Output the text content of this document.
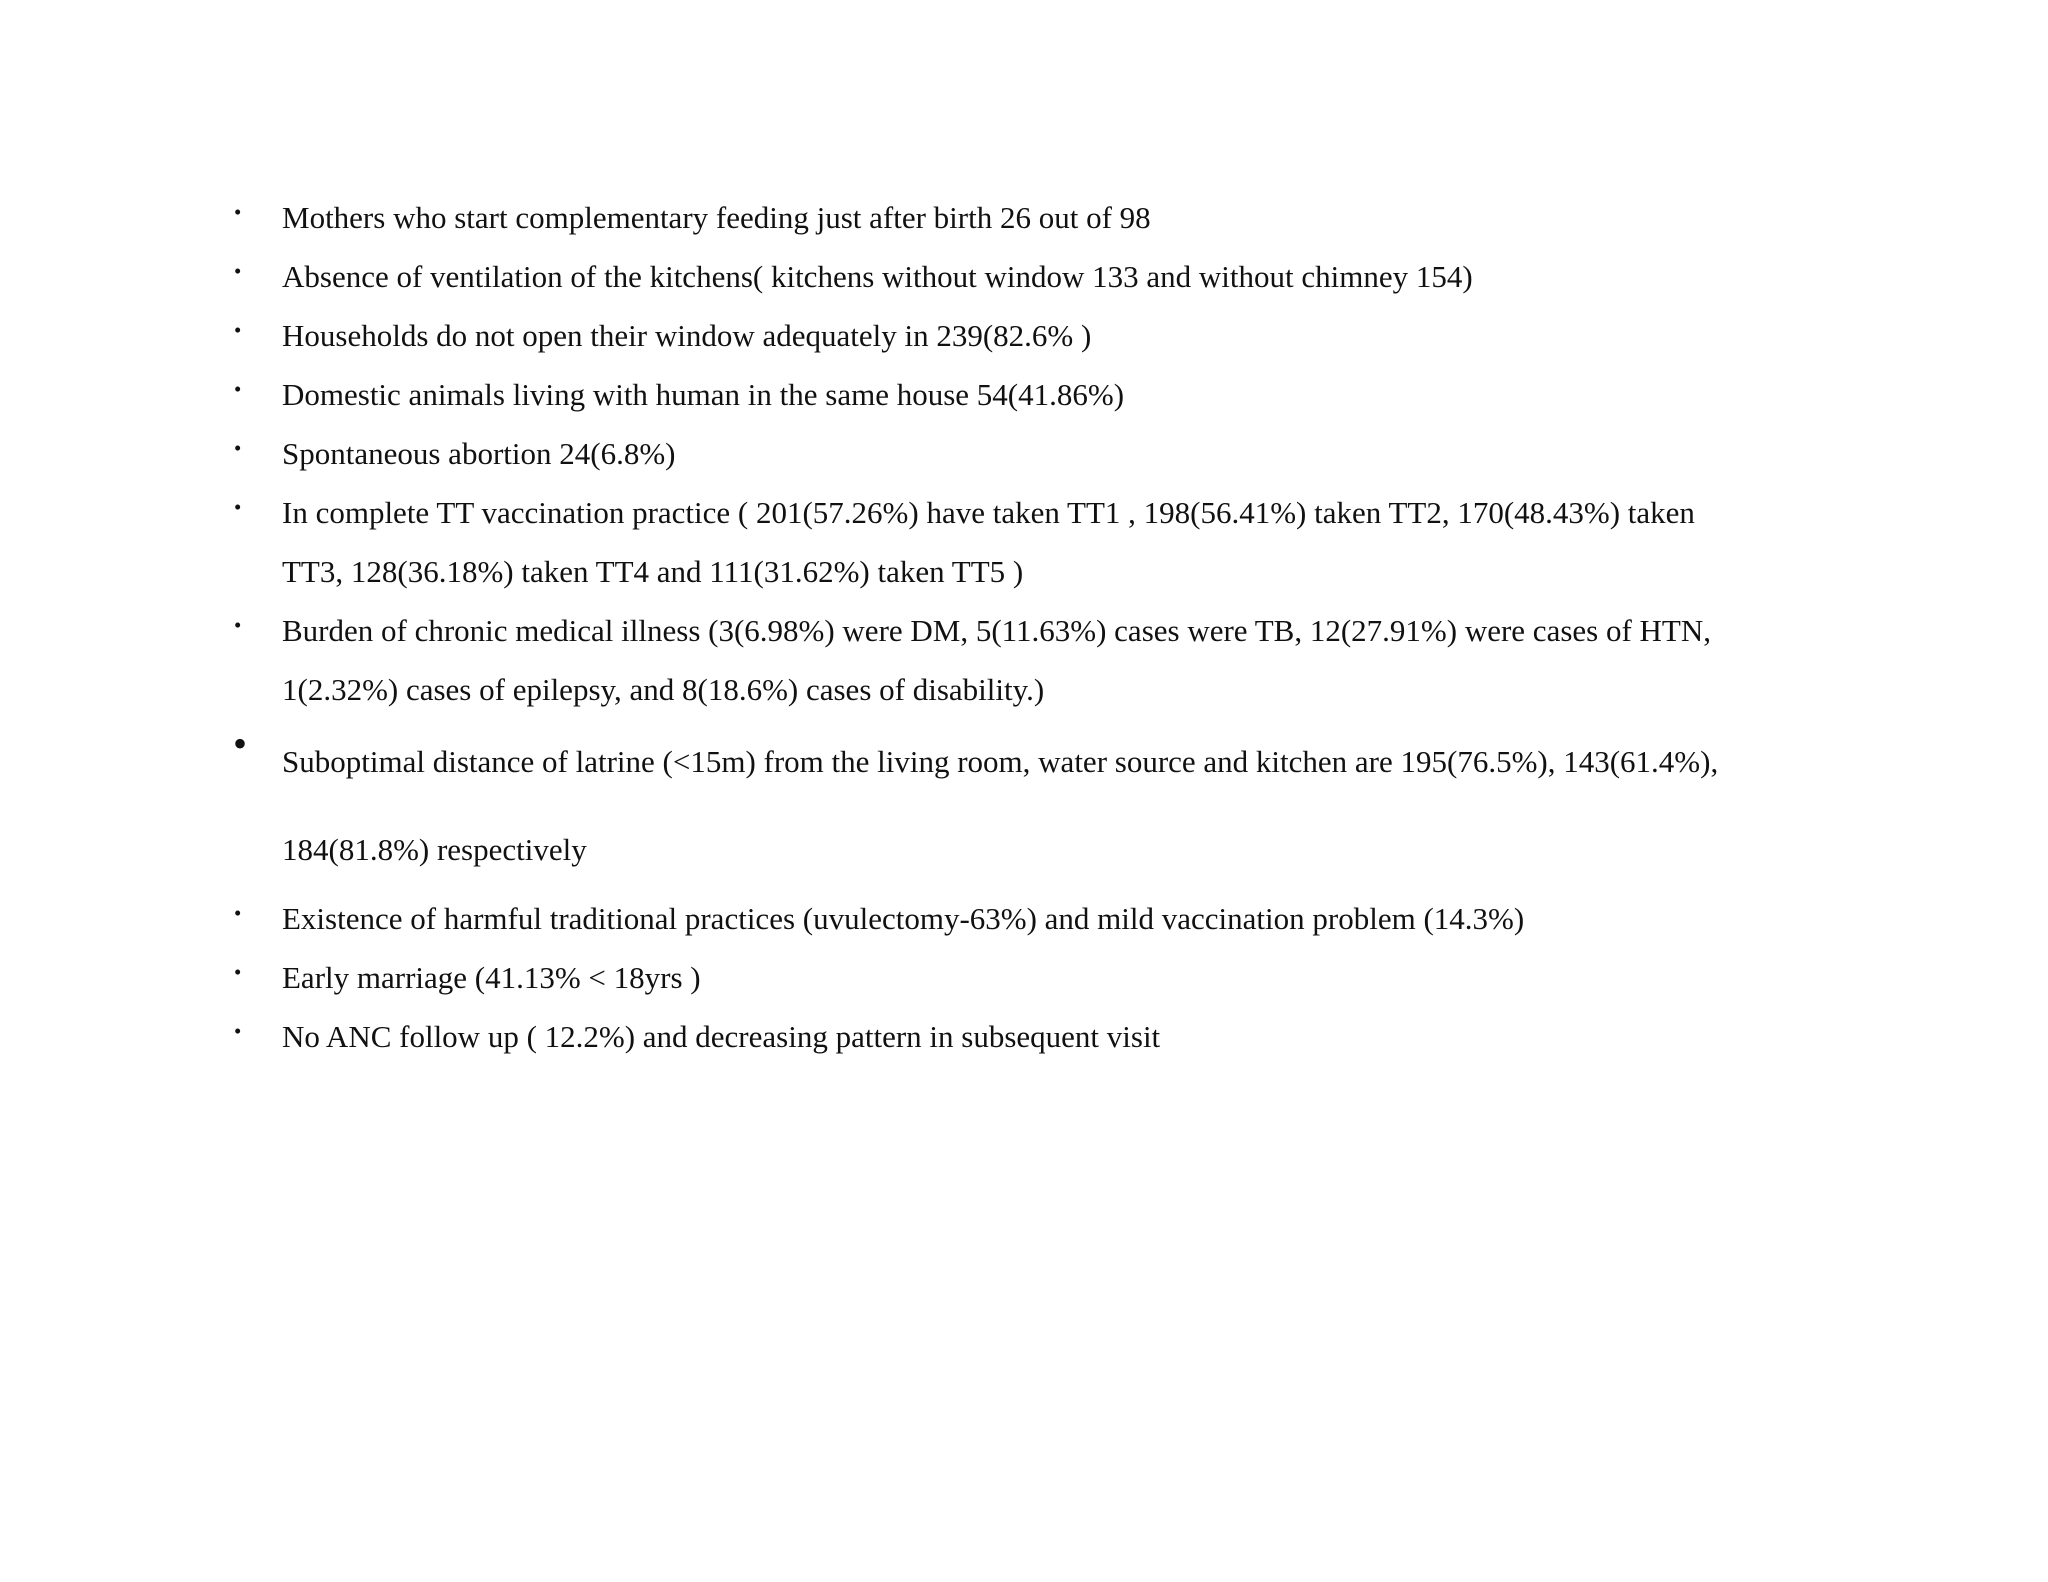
• Mothers who start complementary feeding just after birth 26 out of 98
• Absence of ventilation of the kitchens( kitchens without window 133 and without chimney 154)
• Households do not open their window adequately in 239(82.6% )
• Domestic animals living with human in the same house 54(41.86%)
• Spontaneous abortion 24(6.8%)
• In complete TT vaccination practice ( 201(57.26%) have taken TT1 , 198(56.41%) taken TT2, 170(48.43%) taken
TT3, 128(36.18%) taken TT4 and 111(31.62%) taken TT5 )
• Burden of chronic medical illness (3(6.98%) were DM, 5(11.63%) cases were TB, 12(27.91%) were cases of HTN,
1(2.32%) cases of epilepsy, and 8(18.6%) cases of disability.)
• Suboptimal distance of latrine (<15m) from the living room, water source and kitchen are 195(76.5%), 143(61.4%),
184(81.8%) respectively
• Existence of harmful traditional practices (uvulectomy-63%) and mild vaccination problem (14.3%)
• Early marriage (41.13% < 18yrs )
• No ANC follow up ( 12.2%) and decreasing pattern in subsequent visit
